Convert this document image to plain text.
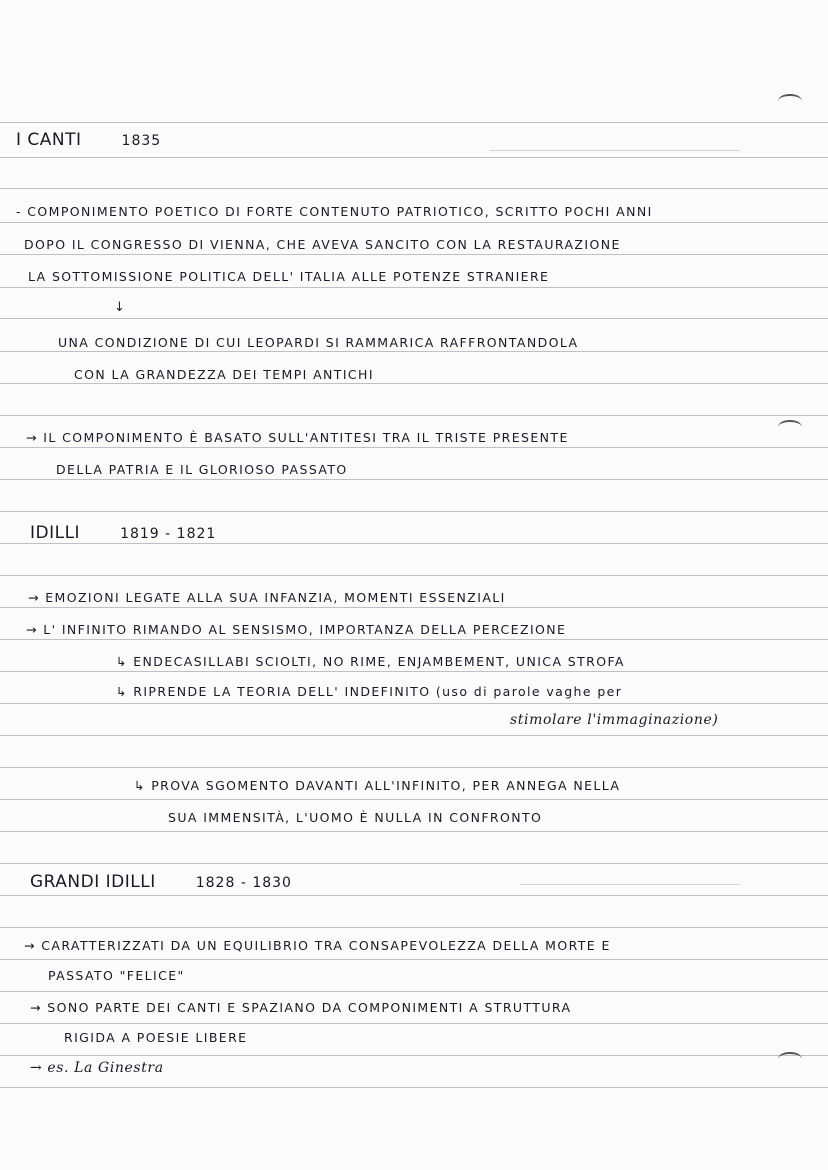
I CANTI	1835
- COMPONIMENTO POETICO DI FORTE CONTENUTO PATRIOTICO, SCRITTO POCHI ANNI
DOPO IL CONGRESSO DI VIENNA, CHE AVEVA SANCITO CON LA RESTAURAZIONE
LA SOTTOMISSIONE POLITICA DELL' ITALIA ALLE POTENZE STRANIERE
↓
UNA CONDIZIONE DI CUI LEOPARDI SI RAMMARICA RAFFRONTANDOLA
CON LA GRANDEZZA DEI TEMPI ANTICHI
→ IL COMPONIMENTO È BASATO SULL'ANTITESI TRA IL TRISTE PRESENTE
DELLA PATRIA E IL GLORIOSO PASSATO
IDILLI	1819 - 1821
→ EMOZIONI LEGATE ALLA SUA INFANZIA, MOMENTI ESSENZIALI
→ L' INFINITO RIMANDO AL SENSISMO, IMPORTANZA DELLA PERCEZIONE
↳ ENDECASILLABI SCIOLTI, NO RIME, ENJAMBEMENT, UNICA STROFA
↳ RIPRENDE LA TEORIA DELL' INDEFINITO (uso di parole vaghe per
stimolare l'immaginazione)
↳ PROVA SGOMENTO DAVANTI ALL'INFINITO, PER ANNEGA NELLA
SUA IMMENSITÀ, L'UOMO È NULLA IN CONFRONTO
GRANDI IDILLI	1828 - 1830
→ CARATTERIZZATI DA UN EQUILIBRIO TRA CONSAPEVOLEZZA DELLA MORTE E
PASSATO "FELICE"
→ SONO PARTE DEI CANTI E SPAZIANO DA COMPONIMENTI A STRUTTURA
RIGIDA A POESIE LIBERE
→ es. La Ginestra
